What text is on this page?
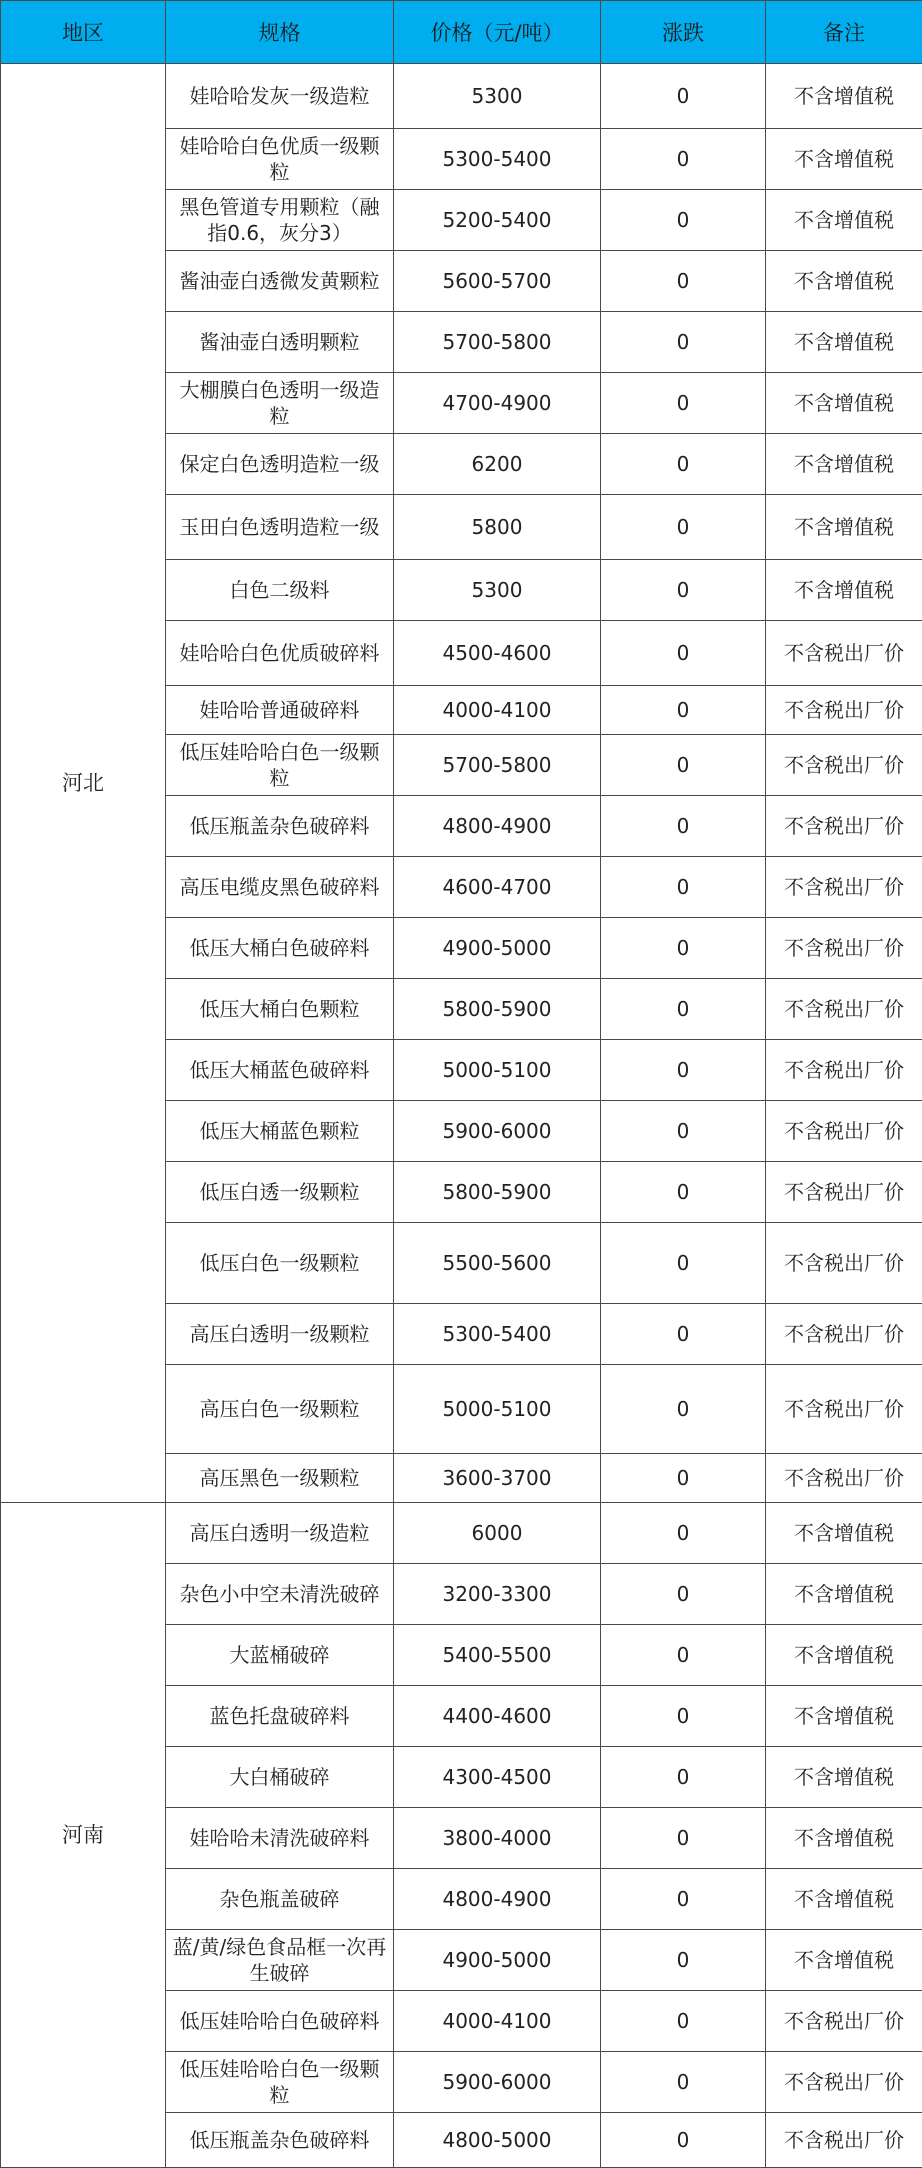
地区	规格	价格（元/吨）	涨跌	备注
河北	娃哈哈发灰一级造粒	5300	0	不含增值税
	娃哈哈白色优质一级颗粒	5300-5400	0	不含增值税
	黑色管道专用颗粒（融指0.6，灰分3）	5200-5400	0	不含增值税
	酱油壶白透微发黄颗粒	5600-5700	0	不含增值税
	酱油壶白透明颗粒	5700-5800	0	不含增值税
	大棚膜白色透明一级造粒	4700-4900	0	不含增值税
	保定白色透明造粒一级	6200	0	不含增值税
	玉田白色透明造粒一级	5800	0	不含增值税
	白色二级料	5300	0	不含增值税
	娃哈哈白色优质破碎料	4500-4600	0	不含税出厂价
	娃哈哈普通破碎料	4000-4100	0	不含税出厂价
	低压娃哈哈白色一级颗粒	5700-5800	0	不含税出厂价
	低压瓶盖杂色破碎料	4800-4900	0	不含税出厂价
	高压电缆皮黑色破碎料	4600-4700	0	不含税出厂价
	低压大桶白色破碎料	4900-5000	0	不含税出厂价
	低压大桶白色颗粒	5800-5900	0	不含税出厂价
	低压大桶蓝色破碎料	5000-5100	0	不含税出厂价
	低压大桶蓝色颗粒	5900-6000	0	不含税出厂价
	低压白透一级颗粒	5800-5900	0	不含税出厂价
	低压白色一级颗粒	5500-5600	0	不含税出厂价
	高压白透明一级颗粒	5300-5400	0	不含税出厂价
	高压白色一级颗粒	5000-5100	0	不含税出厂价
	高压黑色一级颗粒	3600-3700	0	不含税出厂价
河南	高压白透明一级造粒	6000	0	不含增值税
	杂色小中空未清洗破碎	3200-3300	0	不含增值税
	大蓝桶破碎	5400-5500	0	不含增值税
	蓝色托盘破碎料	4400-4600	0	不含增值税
	大白桶破碎	4300-4500	0	不含增值税
	娃哈哈未清洗破碎料	3800-4000	0	不含增值税
	杂色瓶盖破碎	4800-4900	0	不含增值税
	蓝/黄/绿色食品框一次再生破碎	4900-5000	0	不含增值税
	低压娃哈哈白色破碎料	4000-4100	0	不含税出厂价
	低压娃哈哈白色一级颗粒	5900-6000	0	不含税出厂价
	低压瓶盖杂色破碎料	4800-5000	0	不含税出厂价
